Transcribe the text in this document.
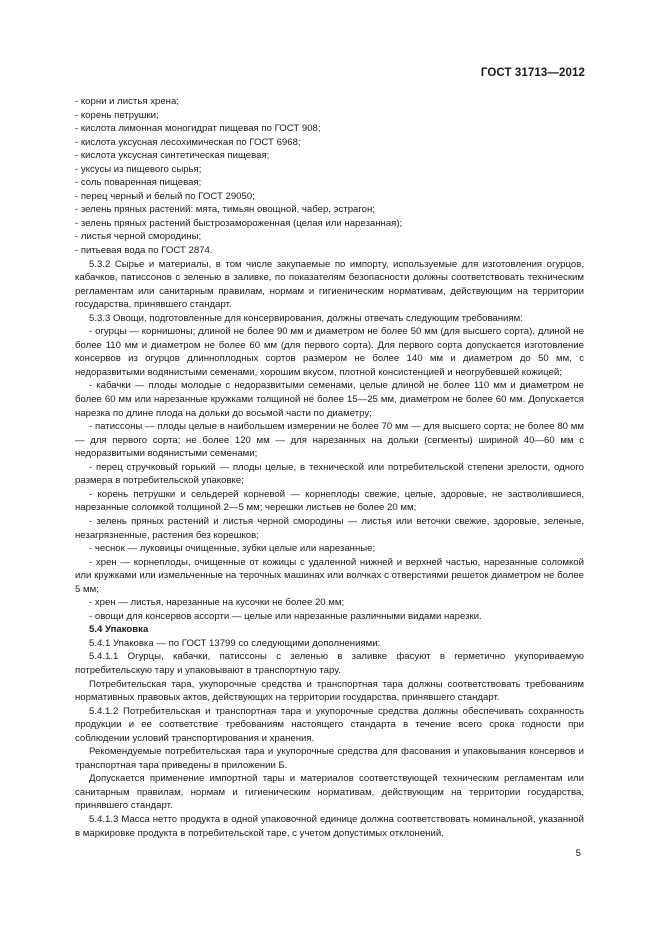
ГОСТ 31713—2012
- корни и листья хрена;
- корень петрушки;
- кислота лимонная моногидрат пищевая по ГОСТ 908;
- кислота уксусная лесохимическая по ГОСТ 6968;
- кислота уксусная синтетическая пищевая;
- уксусы из пищевого сырья;
- соль поваренная пищевая;
- перец черный и белый по ГОСТ 29050;
- зелень пряных растений: мята, тимьян овощной, чабер, эстрагон;
- зелень пряных растений быстрозамороженная (целая или нарезанная);
- листья черной смородины;
- питьевая вода по ГОСТ 2874.
5.3.2 Сырье и материалы, в том числе закупаемые по импорту, используемые для изготовления огурцов, кабачков, патиссонов с зеленью в заливке, по показателям безопасности должны соответствовать техническим регламентам или санитарным правилам, нормам и гигиеническим нормативам, действующим на территории государства, принявшего стандарт.
5.3.3 Овощи, подготовленные для консервирования, должны отвечать следующим требованиям:
- огурцы — корнишоны; длиной не более 90 мм и диаметром не более 50 мм (для высшего сорта), длиной не более 110 мм и диаметром не более 60 мм (для первого сорта). Для первого сорта допускается изготовление консервов из огурцов длинноплодных сортов размером не более 140 мм и диаметром до 50 мм, с недоразвитыми водянистыми семенами, хорошим вкусом, плотной консистенцией и неогрубевшей кожицей;
- кабачки — плоды молодые с недоразвитыми семенами, целые длиной не более 110 мм и диаметром не более 60 мм или нарезанные кружками толщиной не более 15—25 мм, диаметром не более 60 мм. Допускается нарезка по длине плода на дольки до восьмой части по диаметру;
- патиссоны — плоды целые в наибольшем измерении не более 70 мм — для высшего сорта; не более 80 мм — для первого сорта; не более 120 мм — для нарезанных на дольки (сегменты) шириной 40—60 мм с недоразвитыми водянистыми семенами;
- перец стручковый горький — плоды целые, в технической или потребительской степени зрелости, одного размера в потребительской упаковке;
- корень петрушки и сельдерей корневой — корнеплоды свежие, целые, здоровые, не застволившиеся, нарезанные соломкой толщиной 2—5 мм; черешки листьев не более 20 мм;
- зелень пряных растений и листья черной смородины — листья или веточки свежие, здоровые, зеленые, незагрязненные, растения без корешков;
- чеснок — луковицы очищенные, зубки целые или нарезанные;
- хрен — корнеплоды, очищенные от кожицы с удаленной нижней и верхней частью, нарезанные соломкой или кружками или измельченные на терочных машинах или волчках с отверстиями решеток диаметром не более 5 мм;
- хрен — листья, нарезанные на кусочки не более 20 мм;
- овощи для консервов ассорти — целые или нарезанные различными видами нарезки.
5.4 Упаковка
5.4.1 Упаковка — по ГОСТ 13799 со следующими дополнениями:
5.4.1.1 Огурцы, кабачки, патиссоны с зеленью в заливке фасуют в герметично укупориваемую потребительскую тару и упаковывают в транспортную тару.
Потребительская тара, укупорочные средства и транспортная тара должны соответствовать требованиям нормативных правовых актов, действующих на территории государства, принявшего стандарт.
5.4.1.2 Потребительская и транспортная тара и укупорочные средства должны обеспечивать сохранность продукции и ее соответствие требованиям настоящего стандарта в течение всего срока годности при соблюдении условий транспортирования и хранения.
Рекомендуемые потребительская тара и укупорочные средства для фасования и упаковывания консервов и транспортная тара приведены в приложении Б.
Допускается применение импортной тары и материалов соответствующей техническим регламентам или санитарным правилам, нормам и гигиеническим нормативам, действующим на территории государства, принявшего стандарт.
5.4.1.3 Масса нетто продукта в одной упаковочной единице должна соответствовать номинальной, указанной в маркировке продукта в потребительской таре, с учетом допустимых отклонений.
5
